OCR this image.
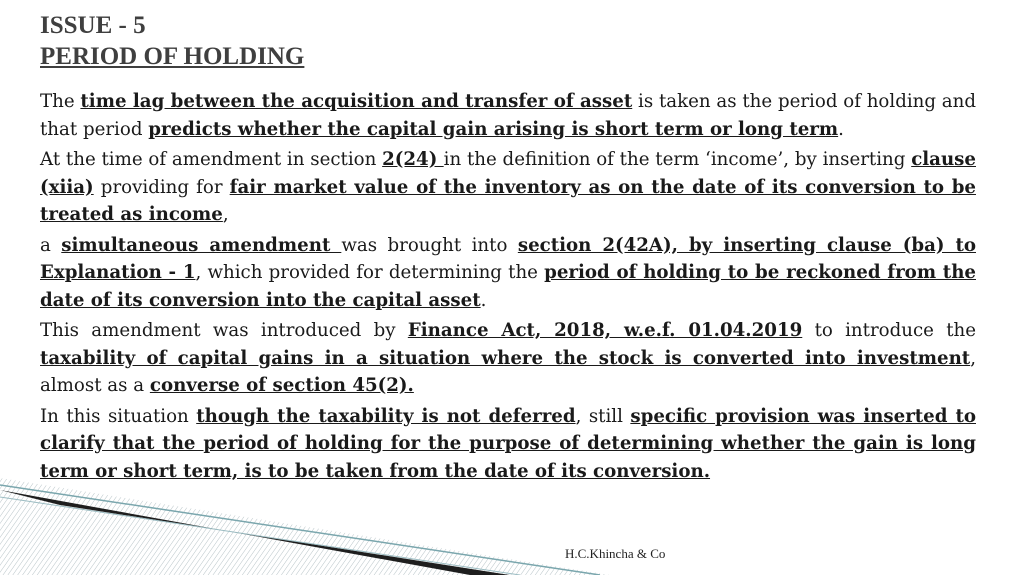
ISSUE - 5
PERIOD OF HOLDING

The time lag between the acquisition and transfer of asset is taken as the period of holding and that period predicts whether the capital gain arising is short term or long term.

At the time of amendment in section 2(24) in the definition of the term ‘income’, by inserting clause (xiia) providing for fair market value of the inventory as on the date of its conversion to be treated as income,

a simultaneous amendment was brought into section 2(42A), by inserting clause (ba) to Explanation - 1, which provided for determining the period of holding to be reckoned from the date of its conversion into the capital asset.

This amendment was introduced by Finance Act, 2018, w.e.f. 01.04.2019 to introduce the taxability of capital gains in a situation where the stock is converted into investment, almost as a converse of section 45(2).

In this situation though the taxability is not deferred, still specific provision was inserted to clarify that the period of holding for the purpose of determining whether the gain is long term or short term, is to be taken from the date of its conversion.

H.C.Khincha & Co
